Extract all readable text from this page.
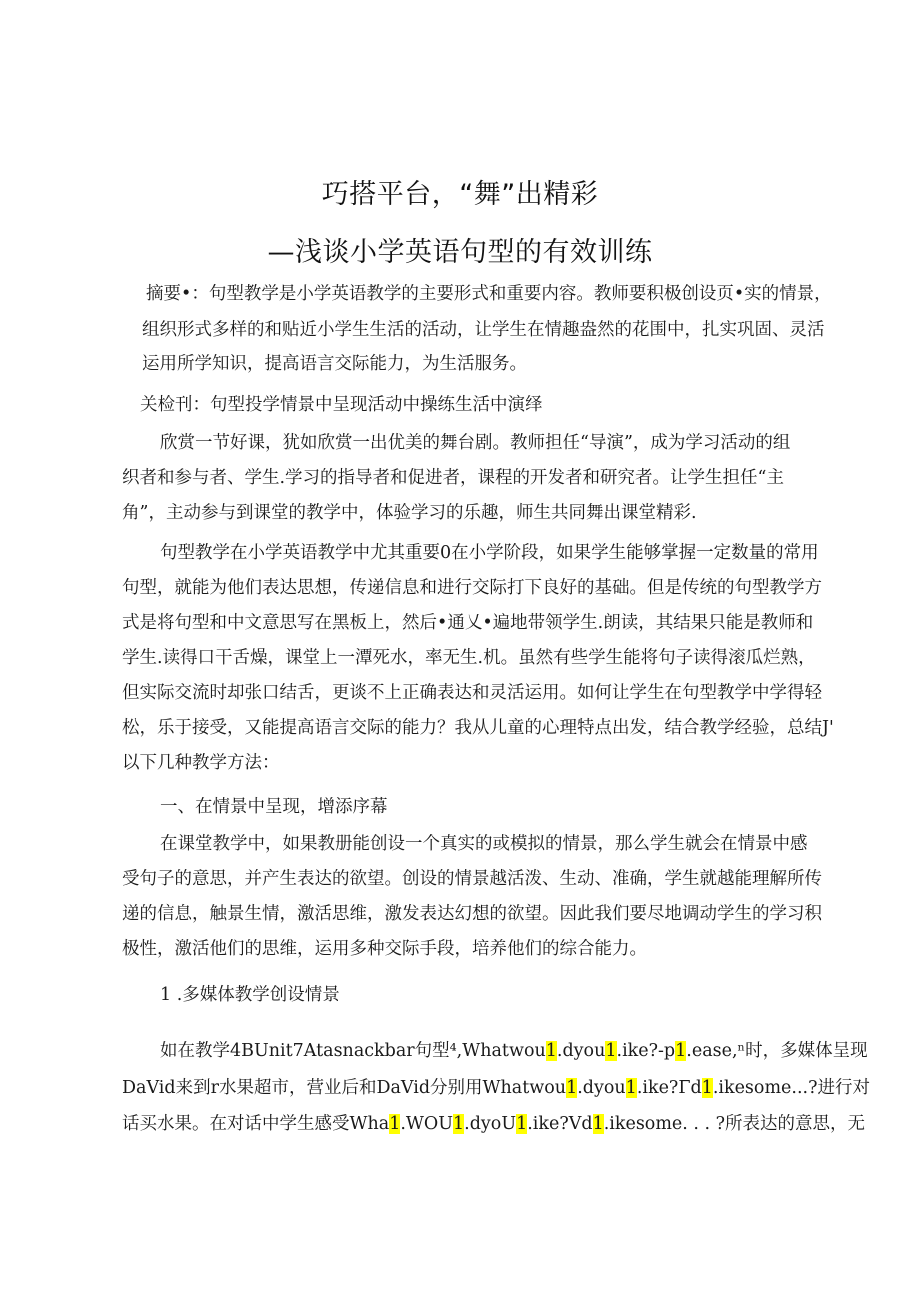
巧搭平台，“舞”出精彩
—浅谈小学英语句型的有效训练
摘要•：句型教学是小学英语教学的主要形式和重要内容。教师要积极创设页•实的情景，
组织形式多样的和贴近小学生生活的活动，让学生在情趣盎然的花围中，扎实巩固、灵活
运用所学知识，提高语言交际能力，为生活服务。
关检刊：句型投学情景中呈现活动中操练生活中演绎
欣赏一节好课，犹如欣赏一出优美的舞台剧。教师担任“导演”，成为学习活动的组
织者和参与者、学生.学习的指导者和促进者，课程的开发者和研究者。让学生担任“主
角”，主动参与到课堂的教学中，体验学习的乐趣，师生共同舞出课堂精彩.
句型教学在小学英语教学中尤其重要0在小学阶段，如果学生能够掌握一定数量的常用
句型，就能为他们表达思想，传递信息和进行交际打下良好的基础。但是传统的句型教学方
式是将句型和中文意思写在黑板上，然后•通乂•遍地带领学生.朗读，其结果只能是教师和
学生.读得口干舌燥，课堂上一潭死水，率无生.机。虽然有些学生能将句子读得滚瓜烂熟，
但实际交流时却张口结舌，更谈不上正确表达和灵活运用。如何让学生在句型教学中学得轻
松，乐于接受，又能提高语言交际的能力？我从儿童的心理特点出发，结合教学经验，总结J'
以下几种教学方法：
一、在情景中呈现，增添序幕
在课堂教学中，如果教册能创设一个真实的或模拟的情景，那么学生就会在情景中感
受句子的意思，并产生表达的欲望。创设的情景越活泼、生动、准确，学生就越能理解所传
递的信息，触景生情，激活思维，激发表达幻想的欲望。因此我们要尽地调动学生的学习积
极性，激活他们的思维，运用多种交际手段，培养他们的综合能力。
1 .多媒体教学创设情景
如在教学4BUnit7Atasnackbar句型⁴,Whatwou1.dyou1.ike?-p1.ease,ⁿ时，多媒体呈现
DaVid来到r水果超市，营业后和DaVid分别用Whatwou1.dyou1.ike?Γd1.ikesome...?进行对
话买水果。在对话中学生感受Wha1.WOU1.dyoU1.ike?Vd1.ikesome. . . ?所表达的意思，无
